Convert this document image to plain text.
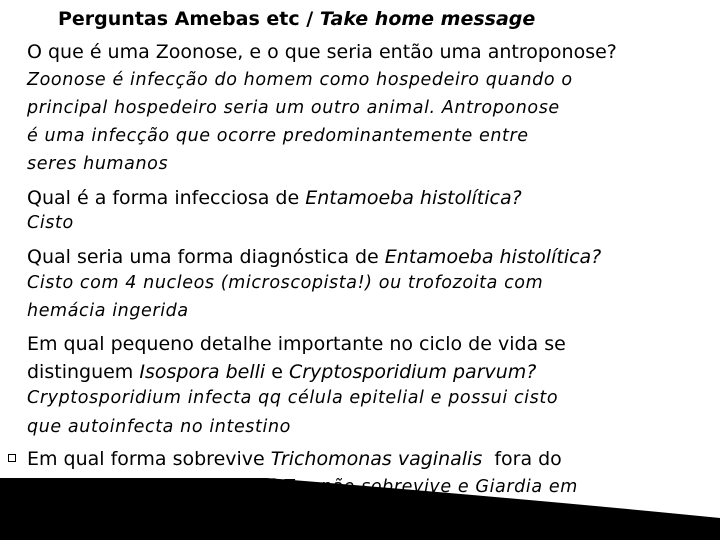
Perguntas Amebas etc / Take home message
O que é uma Zoonose, e o que seria então uma antroponose?
Zoonose é infecção do homem como hospedeiro quando o
principal hospedeiro seria um outro animal. Antroponose
é uma infecção que ocorre predominantemente entre
seres humanos
Qual é a forma infecciosa de Entamoeba histolítica?
Cisto
Qual seria uma forma diagnóstica de Entamoeba histolítica?
Cisto com 4 nucleos (microscopista!) ou trofozoita com
hemácia ingerida
Em qual pequeno detalhe importante no ciclo de vida se
distinguem Isospora belli e Cryptosporidium parvum?
Cryptosporidium infecta qq célula epitelial e possui cisto
que autoinfecta no intestino
Em qual forma sobrevive Trichomonas vaginalis  fora do
corpo humano? E Giardia? T.v. não sobrevive e Giardia em
forma de cisto
